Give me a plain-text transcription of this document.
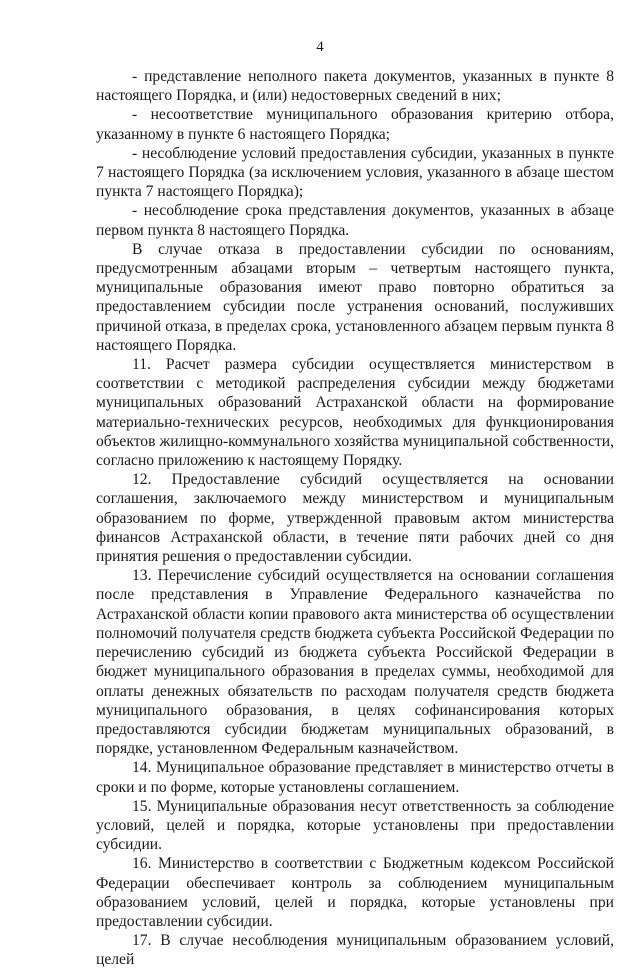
4

- представление неполного пакета документов, указанных в пункте 8 настоящего Порядка, и (или) недостоверных сведений в них;

- несоответствие муниципального образования критерию отбора, указанному в пункте 6 настоящего Порядка;

- несоблюдение условий предоставления субсидии, указанных в пункте 7 настоящего Порядка (за исключением условия, указанного в абзаце шестом пункта 7 настоящего Порядка);

- несоблюдение срока представления документов, указанных в абзаце первом пункта 8 настоящего Порядка.

В случае отказа в предоставлении субсидии по основаниям, предусмотренным абзацами вторым – четвертым настоящего пункта, муниципальные образования имеют право повторно обратиться за предоставлением субсидии после устранения оснований, послуживших причиной отказа, в пределах срока, установленного абзацем первым пункта 8 настоящего Порядка.

11. Расчет размера субсидии осуществляется министерством в соответствии с методикой распределения субсидии между бюджетами муниципальных образований Астраханской области на формирование материально-технических ресурсов, необходимых для функционирования объектов жилищно-коммунального хозяйства муниципальной собственности, согласно приложению к настоящему Порядку.

12. Предоставление субсидий осуществляется на основании соглашения, заключаемого между министерством и муниципальным образованием по форме, утвержденной правовым актом министерства финансов Астраханской области, в течение пяти рабочих дней со дня принятия решения о предоставлении субсидии.

13. Перечисление субсидий осуществляется на основании соглашения после представления в Управление Федерального казначейства по Астраханской области копии правового акта министерства об осуществлении полномочий получателя средств бюджета субъекта Российской Федерации по перечислению субсидий из бюджета субъекта Российской Федерации в бюджет муниципального образования в пределах суммы, необходимой для оплаты денежных обязательств по расходам получателя средств бюджета муниципального образования, в целях софинансирования которых предоставляются субсидии бюджетам муниципальных образований, в порядке, установленном Федеральным казначейством.

14. Муниципальное образование представляет в министерство отчеты в сроки и по форме, которые установлены соглашением.

15. Муниципальные образования несут ответственность за соблюдение условий, целей и порядка, которые установлены при предоставлении субсидии.

16. Министерство в соответствии с Бюджетным кодексом Российской Федерации обеспечивает контроль за соблюдением муниципальным образованием условий, целей и порядка, которые установлены при предоставлении субсидии.

17. В случае несоблюдения муниципальным образованием условий, целей
